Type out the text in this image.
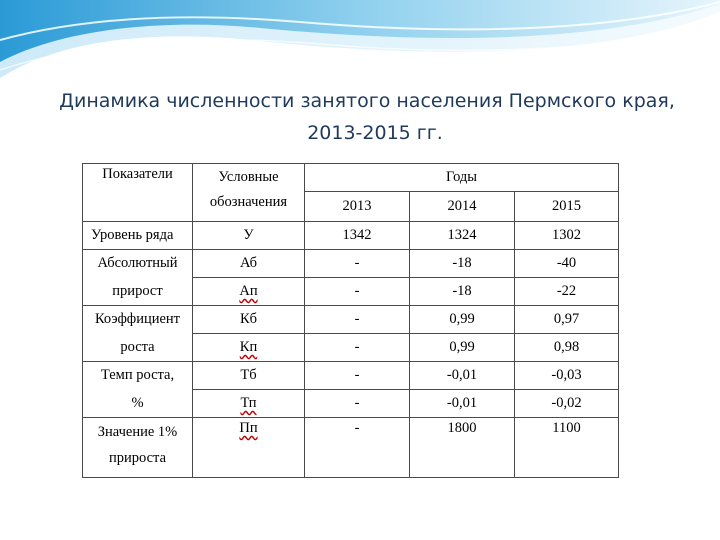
Динамика численности занятого населения Пермского края,
2013-2015 гг.
Показатели	Условные	Годы		
	обозначения	2013	2014	2015
Уровень ряда	У	1342	1324	1302
Абсолютный	Аб	-	-18	-40
прирост	Ап	-	-18	-22
Коэффициент	Кб	-	0,99	0,97
роста	Кп	-	0,99	0,98
Темп роста,	Тб	-	-0,01	-0,03
%	Тп	-	-0,01	-0,02
Значение 1%	Пп	-	1800	1100
прироста				
